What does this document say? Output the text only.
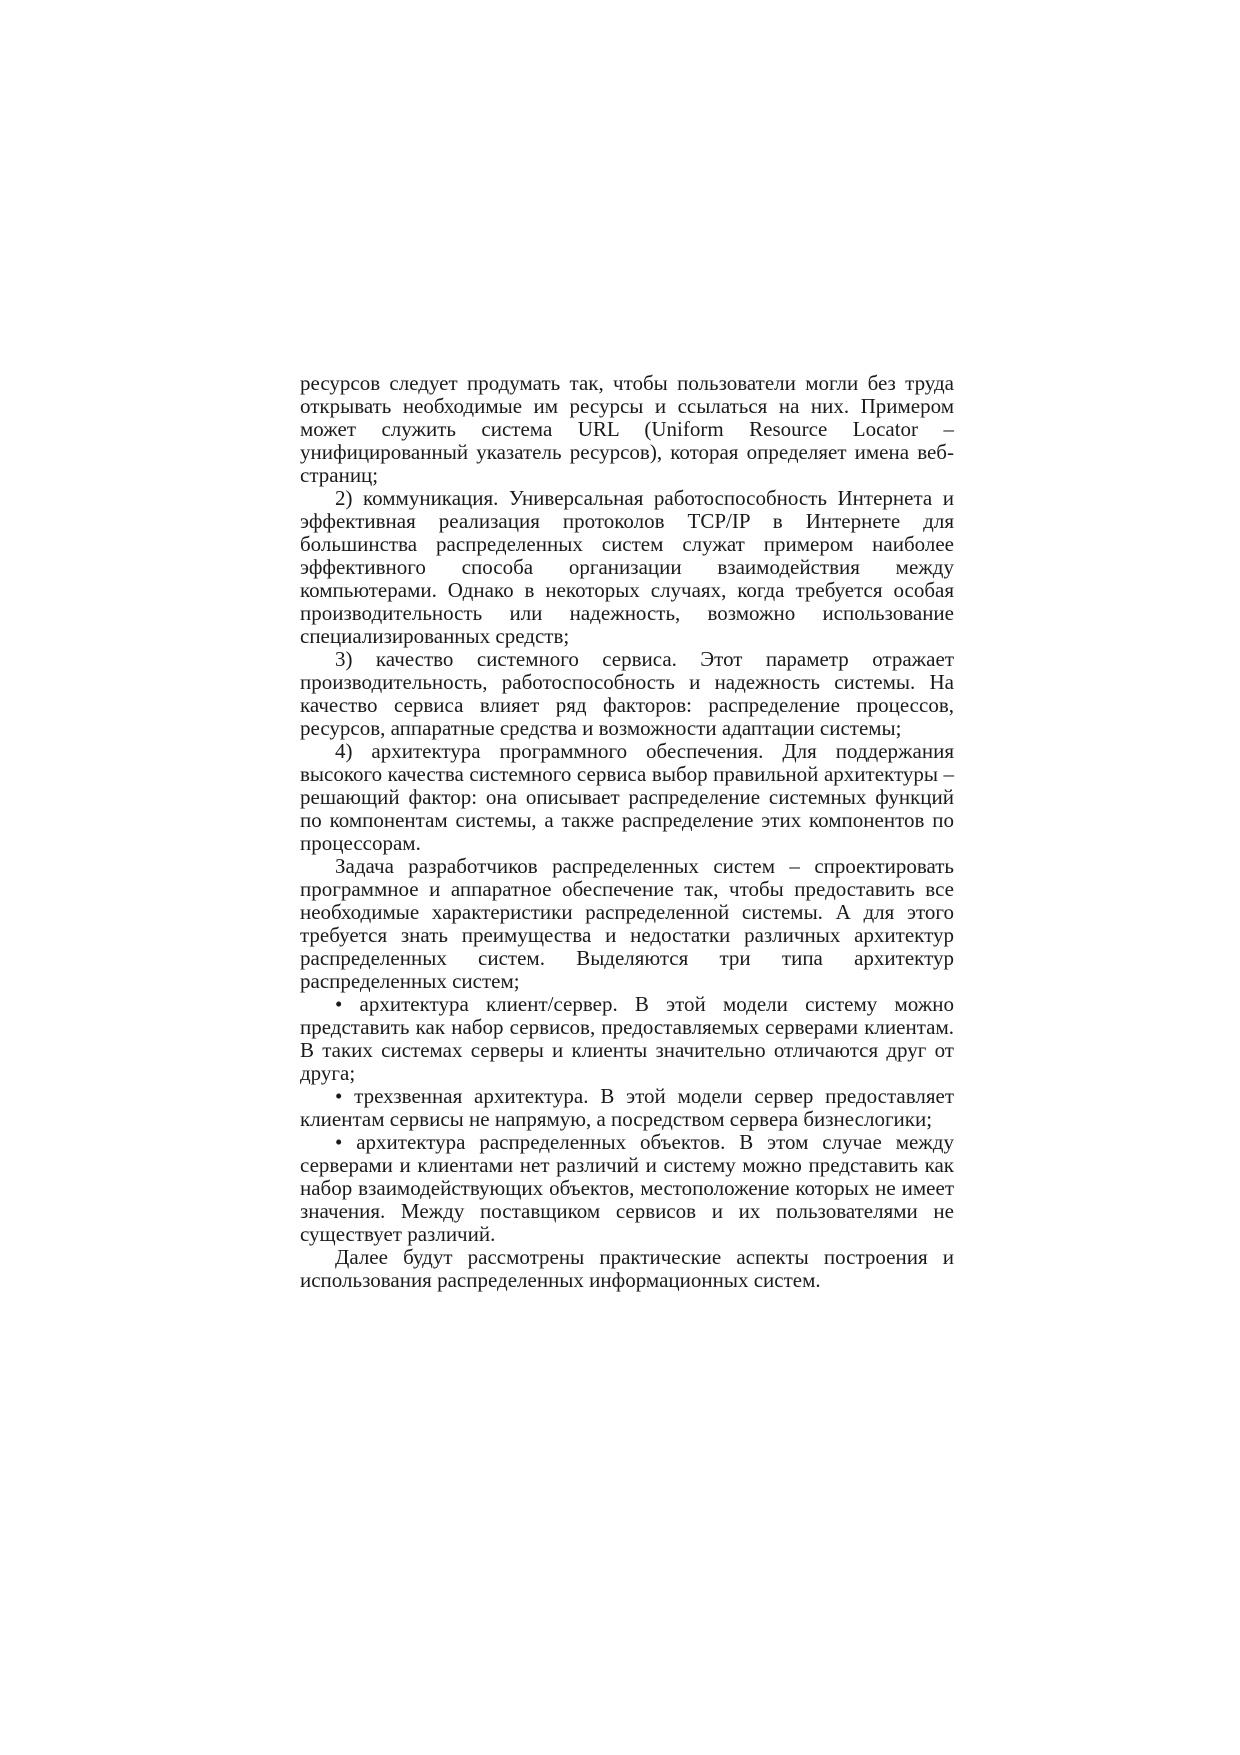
ресурсов следует продумать так, чтобы пользователи могли без труда открывать необходимые им ресурсы и ссылаться на них. Примером может служить система URL (Uniform Resource Locator – унифицированный указатель ресурсов), которая определяет имена веб-страниц;

2) коммуникация. Универсальная работоспособность Интернета и эффективная реализация протоколов TCP/IP в Интернете для большинства распределенных систем служат примером наиболее эффективного способа организации взаимодействия между компьютерами. Однако в некоторых случаях, когда требуется особая производительность или надежность, возможно использование специализированных средств;

3) качество системного сервиса. Этот параметр отражает производительность, работоспособность и надежность системы. На качество сервиса влияет ряд факторов: распределение процессов, ресурсов, аппаратные средства и возможности адаптации системы;

4) архитектура программного обеспечения. Для поддержания высокого качества системного сервиса выбор правильной архитектуры – решающий фактор: она описывает распределение системных функций по компонентам системы, а также распределение этих компонентов по процессорам.

Задача разработчиков распределенных систем – спроектировать программное и аппаратное обеспечение так, чтобы предоставить все необходимые характеристики распределенной системы. А для этого требуется знать преимущества и недостатки различных архитектур распределенных систем. Выделяются три типа архитектур распределенных систем;

• архитектура клиент/сервер. В этой модели систему можно представить как набор сервисов, предоставляемых серверами клиентам. В таких системах серверы и клиенты значительно отличаются друг от друга;

• трехзвенная архитектура. В этой модели сервер предоставляет клиентам сервисы не напрямую, а посредством сервера бизнеслогики;

• архитектура распределенных объектов. В этом случае между серверами и клиентами нет различий и систему можно представить как набор взаимодействующих объектов, местоположение которых не имеет значения. Между поставщиком сервисов и их пользователями не существует различий.

Далее будут рассмотрены практические аспекты построения и использования распределенных информационных систем.
